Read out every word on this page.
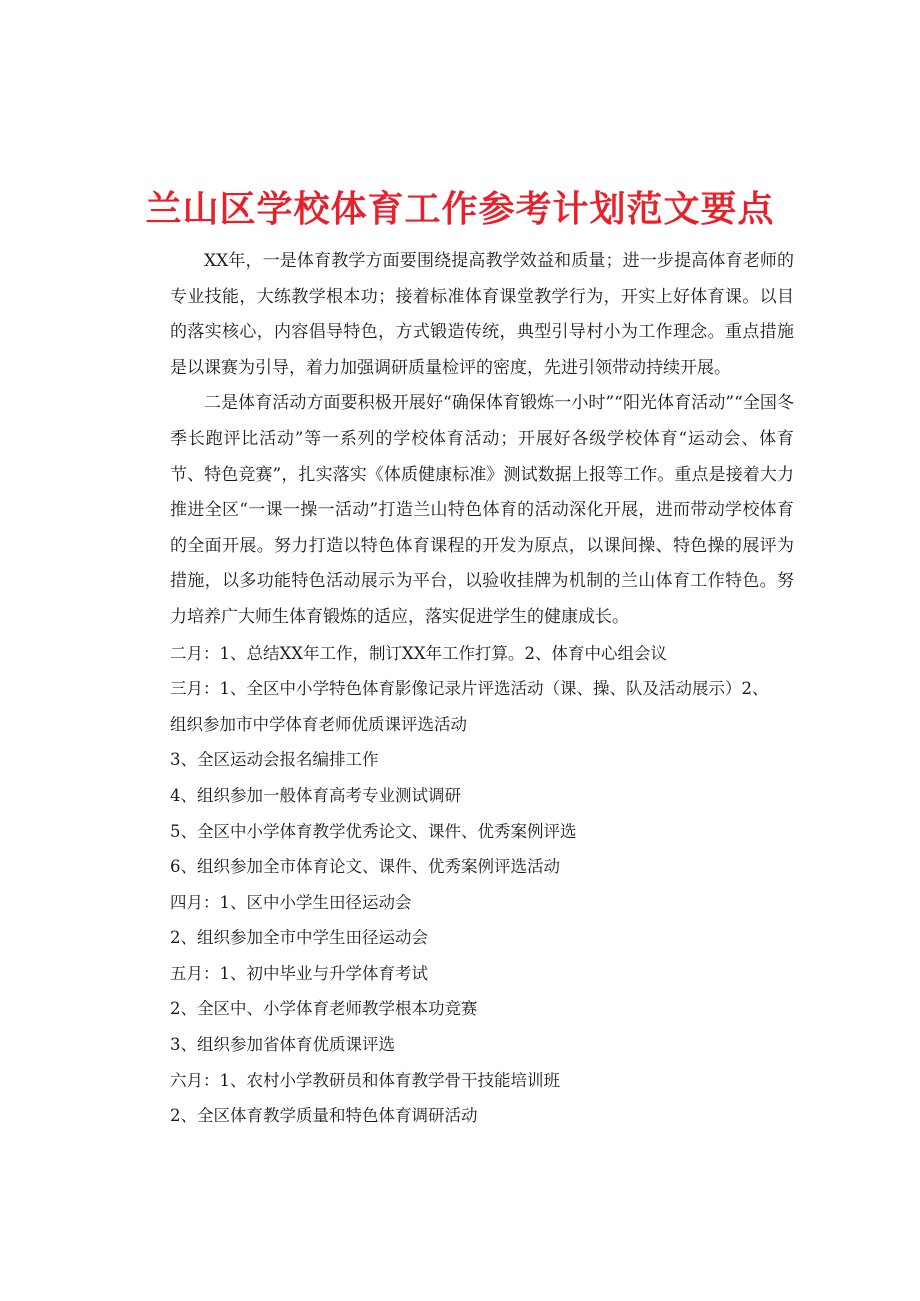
兰山区学校体育工作参考计划范文要点

XX年，一是体育教学方面要围绕提高教学效益和质量；进一步提高体育老师的专业技能，大练教学根本功；接着标准体育课堂教学行为，开实上好体育课。以目的落实核心，内容倡导特色，方式锻造传统，典型引导村小为工作理念。重点措施是以课赛为引导，着力加强调研质量检评的密度，先进引领带动持续开展。

二是体育活动方面要积极开展好“确保体育锻炼一小时”“阳光体育活动”“全国冬季长跑评比活动”等一系列的学校体育活动；开展好各级学校体育“运动会、体育节、特色竞赛”，扎实落实《体质健康标准》测试数据上报等工作。重点是接着大力推进全区“一课一操一活动”打造兰山特色体育的活动深化开展，进而带动学校体育的全面开展。努力打造以特色体育课程的开发为原点，以课间操、特色操的展评为措施，以多功能特色活动展示为平台，以验收挂牌为机制的兰山体育工作特色。努力培养广大师生体育锻炼的适应，落实促进学生的健康成长。

二月：1、总结XX年工作，制订XX年工作打算。2、体育中心组会议

三月：1、全区中小学特色体育影像记录片评选活动（课、操、队及活动展示）2、

组织参加市中学体育老师优质课评选活动

3、全区运动会报名编排工作

4、组织参加一般体育高考专业测试调研

5、全区中小学体育教学优秀论文、课件、优秀案例评选

6、组织参加全市体育论文、课件、优秀案例评选活动

四月：1、区中小学生田径运动会

2、组织参加全市中学生田径运动会

五月：1、初中毕业与升学体育考试

2、全区中、小学体育老师教学根本功竞赛

3、组织参加省体育优质课评选

六月：1、农村小学教研员和体育教学骨干技能培训班

2、全区体育教学质量和特色体育调研活动
